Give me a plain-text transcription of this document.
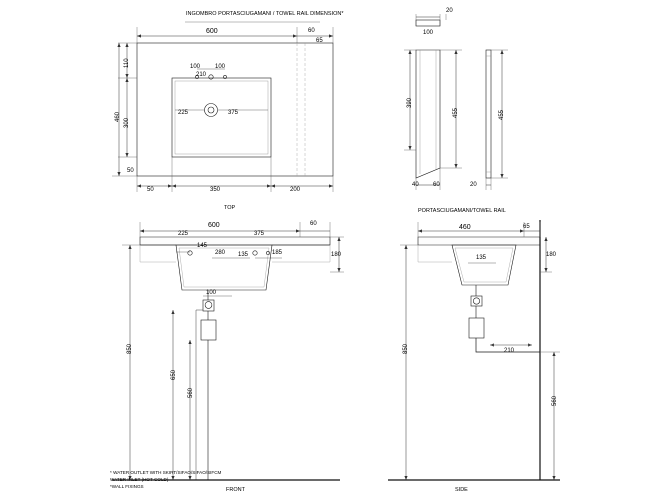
INGOMBRO PORTASCIUGAMANI / TOWEL RAIL DIMENSION*
PORTASCIUGAMANI/TOWEL RAIL
TOP
FRONT	SIDE
600	60
65
110
300
460
50	350	200
50
225	375
100 100
210
20
100
390
455	455
40 60	20
600	60
225	375
145
135
280	185	180
100
850
650
560
460	65
135	180
210
850
560
* WATER OUTLET WITH SKIRT/SIFAO/SIFAO/SIFCM
WATER INLET (HOT-COLD)
*WALL FIXINGS
